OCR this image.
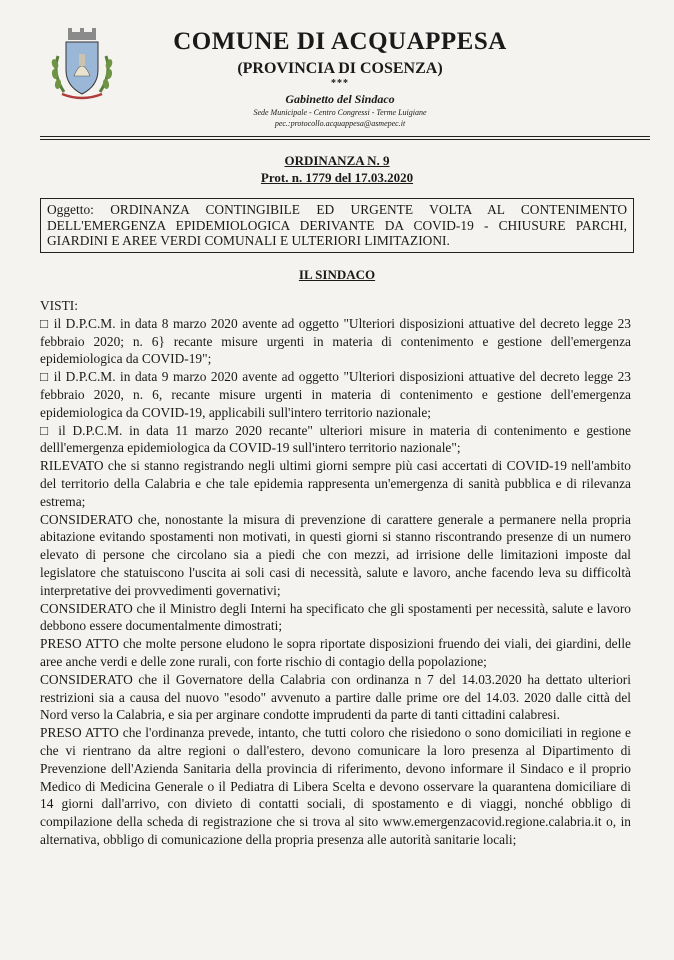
COMUNE DI ACQUAPPESA
(PROVINCIA DI COSENZA)
***
Gabinetto del Sindaco
Sede Municipale - Centro Congressi - Terme Luigiane
pec.:protocollo.acquappesa@asmepec.it
ORDINANZA N. 9
Prot. n. 1779 del 17.03.2020
Oggetto: ORDINANZA CONTINGIBILE ED URGENTE VOLTA AL CONTENIMENTO DELL'EMERGENZA EPIDEMIOLOGICA DERIVANTE DA COVID-19 - CHIUSURE PARCHI, GIARDINI E AREE VERDI COMUNALI E ULTERIORI LIMITAZIONI.
IL SINDACO

VISTI:

□ il D.P.C.M. in data 8 marzo 2020 avente ad oggetto "Ulteriori disposizioni attuative del decreto legge 23 febbraio 2020; n. 6} recante misure urgenti in materia di contenimento e gestione dell'emergenza epidemiologica da COVID-19";

□ il D.P.C.M. in data 9 marzo 2020 avente ad oggetto "Ulteriori disposizioni attuative del decreto legge 23 febbraio 2020, n. 6, recante misure urgenti in materia di contenimento e gestione dell'emergenza epidemiologica da COVID-19, applicabili sull'intero territorio nazionale;

□ il D.P.C.M. in data 11 marzo 2020 recante" ulteriori misure in materia di contenimento e gestione delll'emergenza epidemiologica da COVID-19 sull'intero territorio nazionale";

RILEVATO che si stanno registrando negli ultimi giorni sempre più casi accertati di COVID-19 nell'ambito del territorio della Calabria e che tale epidemia rappresenta un'emergenza di sanità pubblica e di rilevanza estrema;

CONSIDERATO che, nonostante la misura di prevenzione di carattere generale a permanere nella propria abitazione evitando spostamenti non motivati, in questi giorni si stanno riscontrando presenze di un numero elevato di persone che circolano sia a piedi che con mezzi, ad irrisione delle limitazioni imposte dal legislatore che statuiscono l'uscita ai soli casi di necessità, salute e lavoro, anche facendo leva su difficoltà interpretative dei provvedimenti governativi;

CONSIDERATO che il Ministro degli Interni ha specificato che gli spostamenti per necessità, salute e lavoro debbono essere documentalmente dimostrati;

PRESO ATTO che molte persone eludono le sopra riportate disposizioni fruendo dei viali, dei giardini, delle aree anche verdi e delle zone rurali, con forte rischio di contagio della popolazione;

CONSIDERATO che il Governatore della Calabria con ordinanza n 7 del 14.03.2020 ha dettato ulteriori restrizioni sia a causa del nuovo "esodo" avvenuto a partire dalle prime ore del 14.03. 2020 dalle città del Nord verso la Calabria, e sia per arginare condotte imprudenti da parte di tanti cittadini calabresi.

PRESO ATTO che l'ordinanza prevede, intanto, che tutti coloro che risiedono o sono domiciliati in regione e che vi rientrano da altre regioni o dall'estero, devono comunicare la loro presenza al Dipartimento di Prevenzione dell'Azienda Sanitaria della provincia di riferimento, devono informare il Sindaco e il proprio Medico di Medicina Generale o il Pediatra di Libera Scelta e devono osservare la quarantena domiciliare di 14 giorni dall'arrivo, con divieto di contatti sociali, di spostamento e di viaggi, nonché obbligo di compilazione della scheda di registrazione che si trova al sito www.emergenzacovid.regione.calabria.it o, in alternativa, obbligo di comunicazione della propria presenza alle autorità sanitarie locali;
